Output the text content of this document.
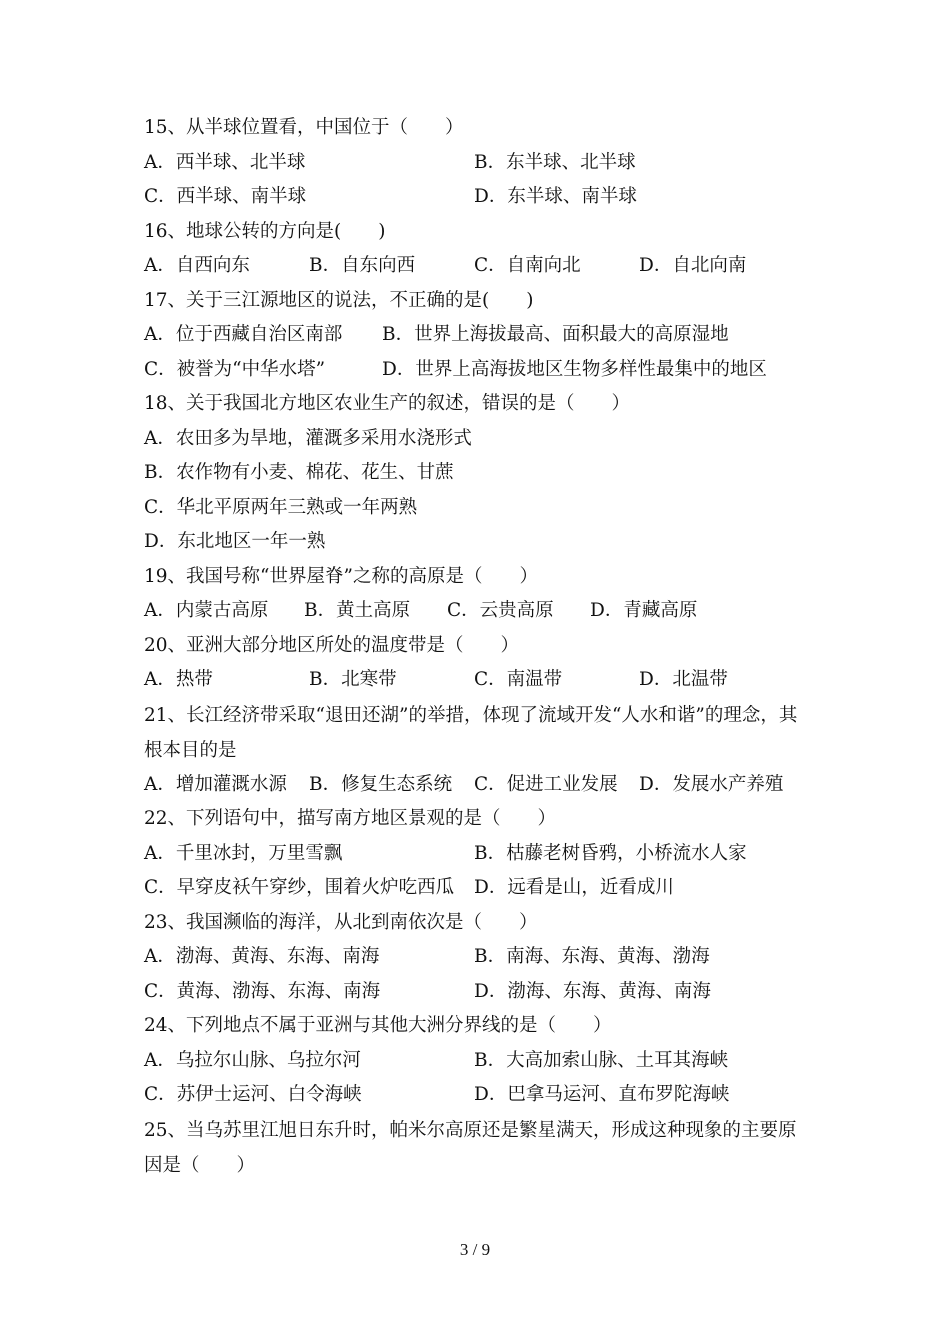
15、从半球位置看，中国位于（　　）
A．西半球、北半球	B．东半球、北半球
C．西半球、南半球	D．东半球、南半球
16、地球公转的方向是(　　)
A．自西向东	B．自东向西	C．自南向北	D．自北向南
17、关于三江源地区的说法，不正确的是(　　)
A．位于西藏自治区南部	B．世界上海拔最高、面积最大的高原湿地
C．被誉为“中华水塔”	D．世界上高海拔地区生物多样性最集中的地区
18、关于我国北方地区农业生产的叙述，错误的是（　　）
A．农田多为旱地，灌溉多采用水浇形式
B．农作物有小麦、棉花、花生、甘蔗
C．华北平原两年三熟或一年两熟
D．东北地区一年一熟
19、我国号称“世界屋脊”之称的高原是（　　）
A．内蒙古高原	B．黄土高原	C．云贵高原	D．青藏高原
20、亚洲大部分地区所处的温度带是（　　）
A．热带	B．北寒带	C．南温带	D．北温带
21、长江经济带采取“退田还湖”的举措，体现了流域开发“人水和谐”的理念，其根本目的是
A．增加灌溉水源	B．修复生态系统	C．促进工业发展	D．发展水产养殖
22、下列语句中，描写南方地区景观的是（　　）
A．千里冰封，万里雪飘	B．枯藤老树昏鸦，小桥流水人家
C．早穿皮袄午穿纱，围着火炉吃西瓜	D．远看是山，近看成川
23、我国濒临的海洋，从北到南依次是（　　）
A．渤海、黄海、东海、南海	B．南海、东海、黄海、渤海
C．黄海、渤海、东海、南海	D．渤海、东海、黄海、南海
24、下列地点不属于亚洲与其他大洲分界线的是（　　）
A．乌拉尔山脉、乌拉尔河	B．大高加索山脉、土耳其海峡
C．苏伊士运河、白令海峡	D．巴拿马运河、直布罗陀海峡
25、当乌苏里江旭日东升时，帕米尔高原还是繁星满天，形成这种现象的主要原因是（　　）
3 / 9
